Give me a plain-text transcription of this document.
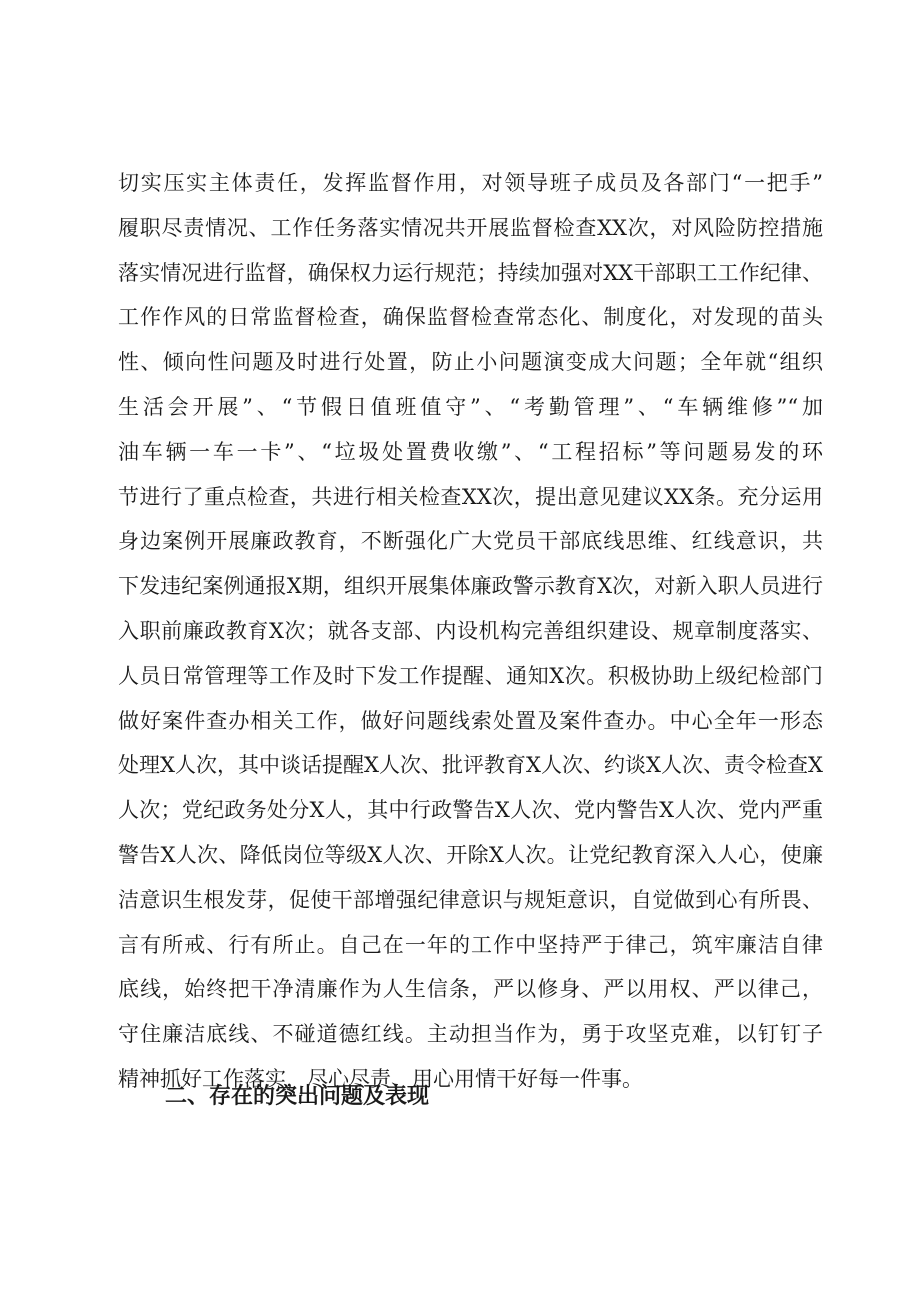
切实压实主体责任，发挥监督作用，对领导班子成员及各部门“一把手”
履职尽责情况、工作任务落实情况共开展监督检查XX次，对风险防控措施
落实情况进行监督，确保权力运行规范；持续加强对XX干部职工工作纪律、
工作作风的日常监督检查，确保监督检查常态化、制度化，对发现的苗头
性、倾向性问题及时进行处置，防止小问题演变成大问题；全年就“组织
生活会开展”、“节假日值班值守”、“考勤管理”、“车辆维修”“加
油车辆一车一卡”、“垃圾处置费收缴”、“工程招标”等问题易发的环
节进行了重点检查，共进行相关检查XX次，提出意见建议XX条。充分运用
身边案例开展廉政教育，不断强化广大党员干部底线思维、红线意识，共
下发违纪案例通报X期，组织开展集体廉政警示教育X次，对新入职人员进行
入职前廉政教育X次；就各支部、内设机构完善组织建设、规章制度落实、
人员日常管理等工作及时下发工作提醒、通知X次。积极协助上级纪检部门
做好案件查办相关工作，做好问题线索处置及案件查办。中心全年一形态
处理X人次，其中谈话提醒X人次、批评教育X人次、约谈X人次、责令检查X
人次；党纪政务处分X人，其中行政警告X人次、党内警告X人次、党内严重
警告X人次、降低岗位等级X人次、开除X人次。让党纪教育深入人心，使廉
洁意识生根发芽，促使干部增强纪律意识与规矩意识，自觉做到心有所畏、
言有所戒、行有所止。自己在一年的工作中坚持严于律己，筑牢廉洁自律
底线，始终把干净清廉作为人生信条，严以修身、严以用权、严以律己，
守住廉洁底线、不碰道德红线。主动担当作为，勇于攻坚克难，以钉钉子
精神抓好工作落实，尽心尽责、用心用情干好每一件事。
二、存在的突出问题及表现
